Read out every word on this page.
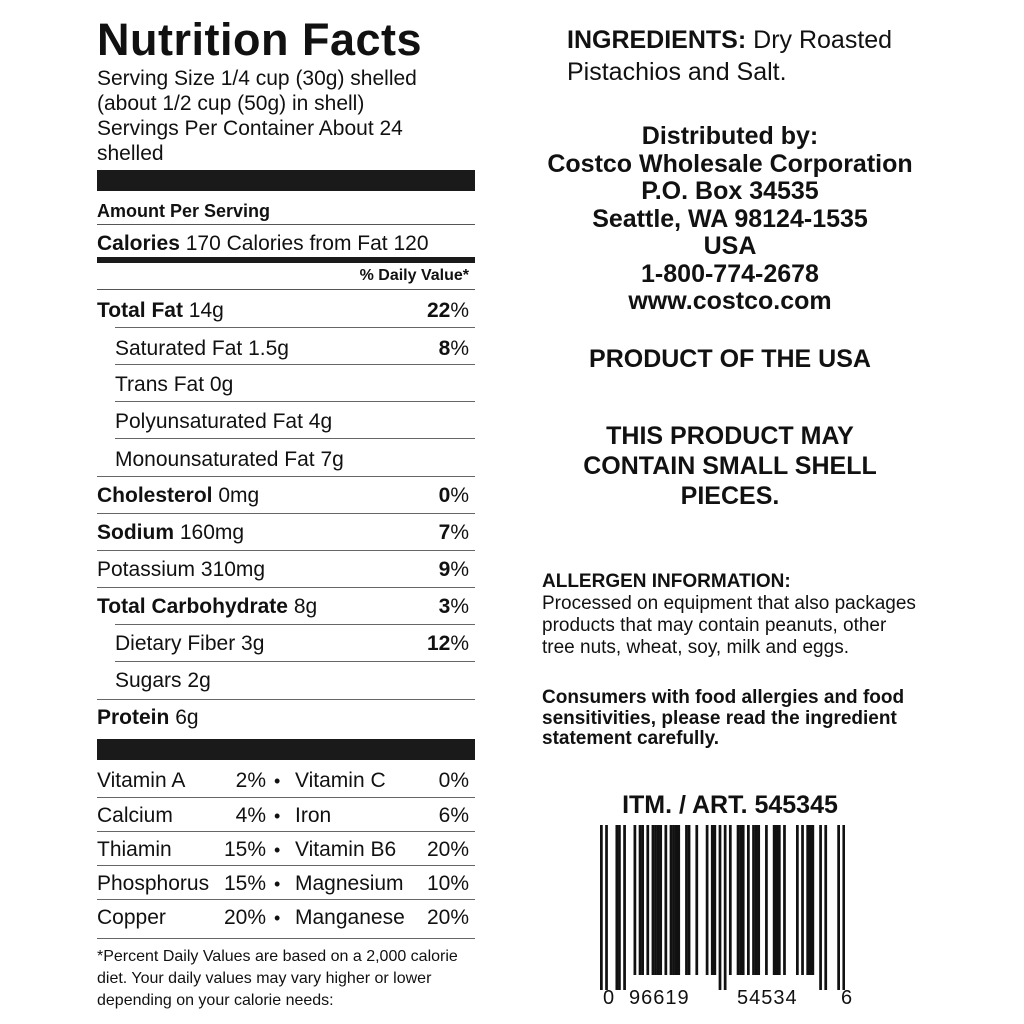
Nutrition Facts
Serving Size 1/4 cup (30g) shelled
(about 1/2 cup (50g) in shell)
Servings Per Container About 24
shelled
Amount Per Serving
Calories 170 Calories from Fat 120
% Daily Value*
Total Fat 14g	22%
Saturated Fat 1.5g	8%
Trans Fat 0g
Polyunsaturated Fat 4g
Monounsaturated Fat 7g
Cholesterol 0mg	0%
Sodium 160mg	7%
Potassium 310mg	9%
Total Carbohydrate 8g	3%
Dietary Fiber 3g	12%
Sugars 2g
Protein 6g
Vitamin A 2% • Vitamin C	0%
Calcium	4% • Iron	6%
Thiamin 15% • Vitamin B6 20%
Phosphorus 15% • Magnesium 10%
Copper	20% • Manganese 20%
*Percent Daily Values are based on a 2,000 calorie diet. Your daily values may vary higher or lower depending on your calorie needs:
INGREDIENTS: Dry Roasted Pistachios and Salt.
Distributed by:
Costco Wholesale Corporation
P.O. Box 34535
Seattle, WA 98124-1535
USA
1-800-774-2678
www.costco.com
PRODUCT OF THE USA
THIS PRODUCT MAY
CONTAIN SMALL SHELL
PIECES.
ALLERGEN INFORMATION:
Processed on equipment that also packages products that may contain peanuts, other tree nuts, wheat, soy, milk and eggs.
Consumers with food allergies and food sensitivities, please read the ingredient statement carefully.
ITM. / ART. 545345
0 96619 54534 6
